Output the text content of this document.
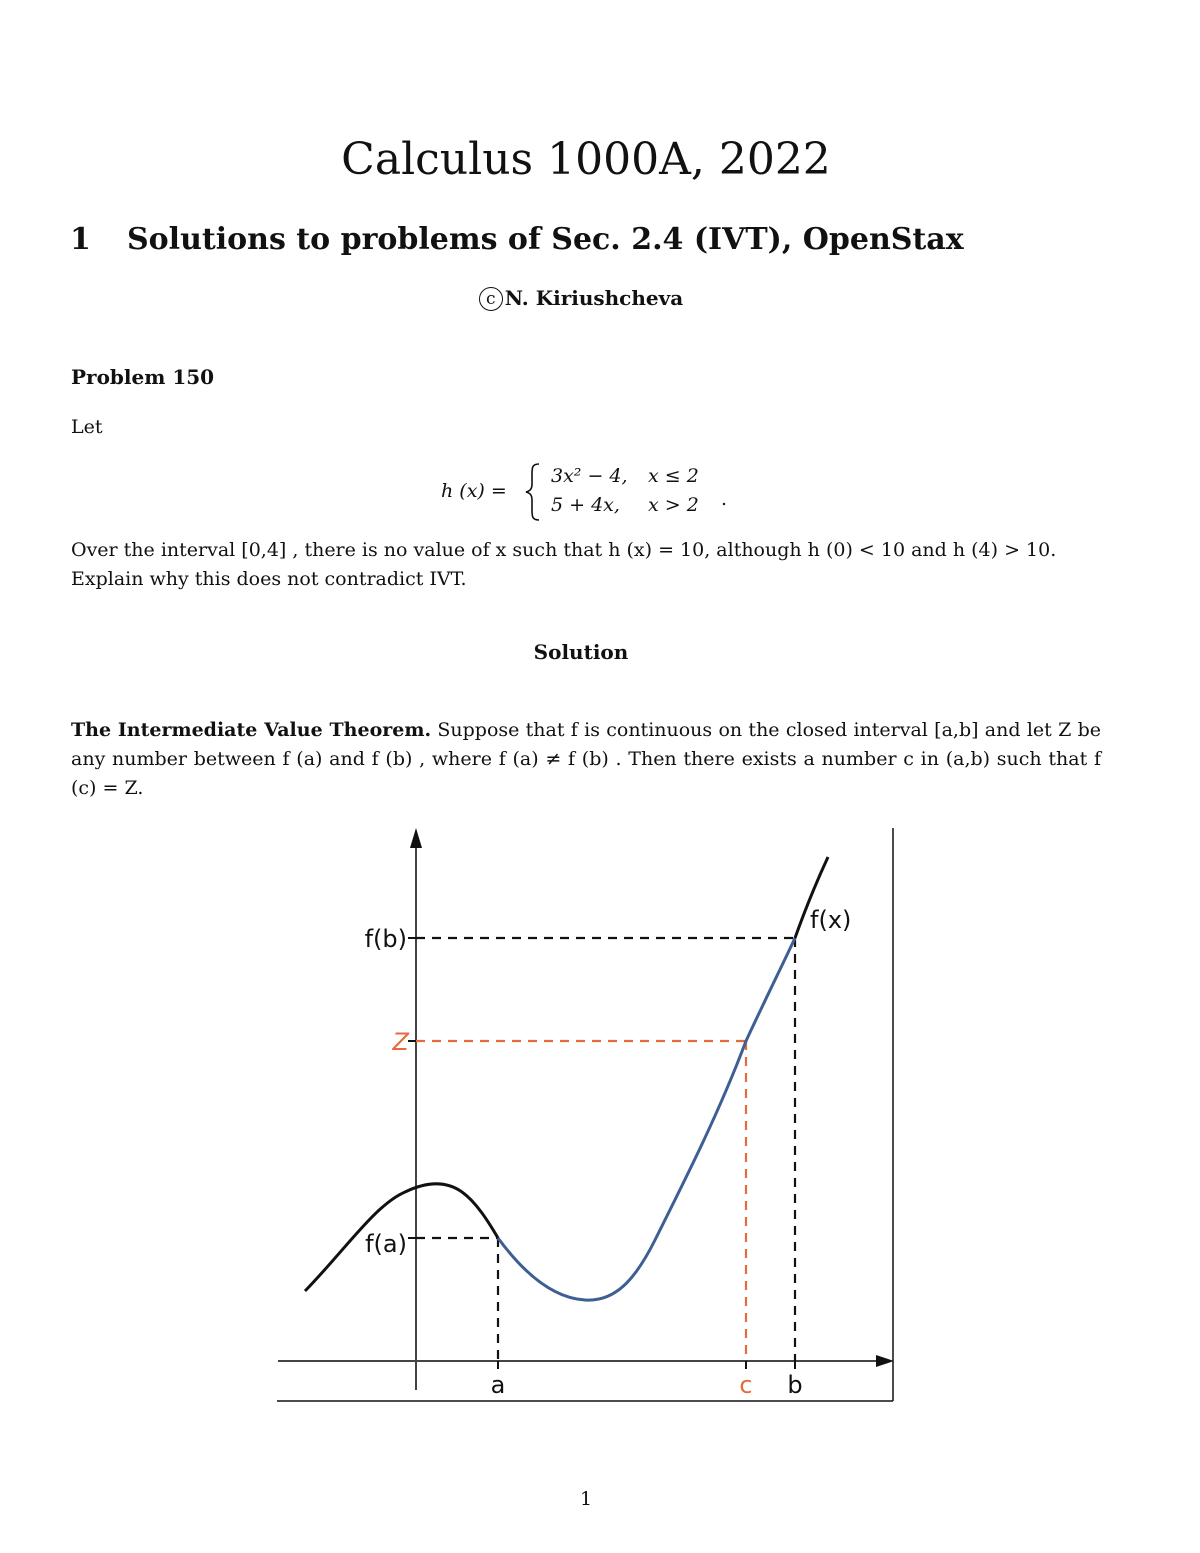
Calculus 1000A, 2022
1 Solutions to problems of Sec. 2.4 (IVT), OpenStax
c N. Kiriushcheva
Problem 150
Let
h (x) =
3x² − 4, x ≤ 2
5 + 4x, x > 2 .
Over the interval [0,4] , there is no value of x such that h (x) = 10, although h (0) < 10 and h (4) > 10.
Explain why this does not contradict IVT.
Solution
The Intermediate Value Theorem. Suppose that f is continuous on the closed interval [a,b] and let Z be any number between f (a) and f (b) , where f (a) ≠ f (b) . Then there exists a number c in (a,b) such that f (c) = Z.
f(b)
Z
f(a)
f(x)
a	c b
1
